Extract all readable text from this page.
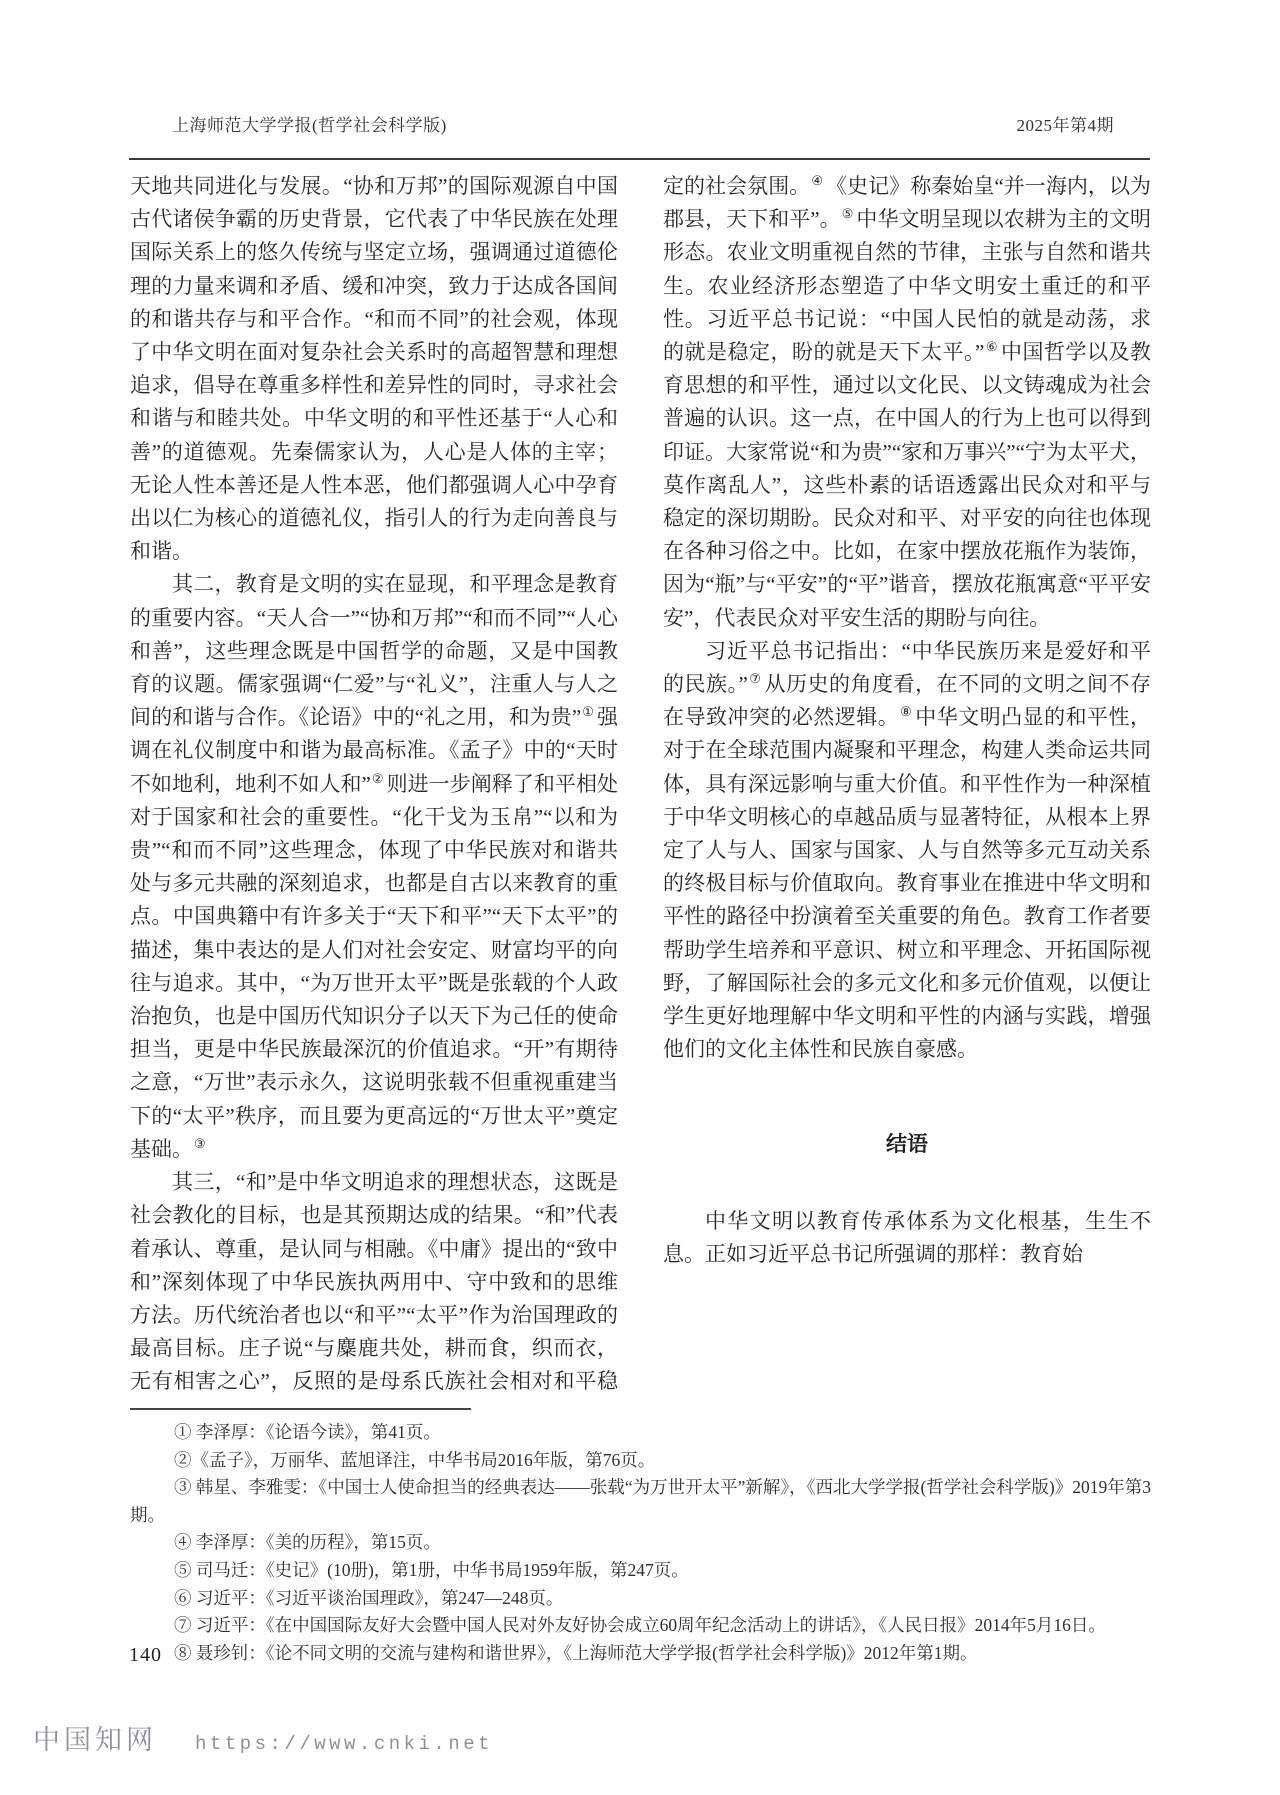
上海师范大学学报(哲学社会科学版)	2025年第4期

天地共同进化与发展。“协和万邦”的国际观源自中国古代诸侯争霸的历史背景，它代表了中华民族在处理国际关系上的悠久传统与坚定立场，强调通过道德伦理的力量来调和矛盾、缓和冲突，致力于达成各国间的和谐共存与和平合作。“和而不同”的社会观，体现了中华文明在面对复杂社会关系时的高超智慧和理想追求，倡导在尊重多样性和差异性的同时，寻求社会和谐与和睦共处。中华文明的和平性还基于“人心和善”的道德观。先秦儒家认为，人心是人体的主宰；无论人性本善还是人性本恶，他们都强调人心中孕育出以仁为核心的道德礼仪，指引人的行为走向善良与和谐。

其二，教育是文明的实在显现，和平理念是教育的重要内容。“天人合一”“协和万邦”“和而不同”“人心和善”，这些理念既是中国哲学的命题，又是中国教育的议题。儒家强调“仁爱”与“礼义”，注重人与人之间的和谐与合作。《论语》中的“礼之用，和为贵”① 强调在礼仪制度中和谐为最高标准。《孟子》中的“天时不如地利，地利不如人和”② 则进一步阐释了和平相处对于国家和社会的重要性。“化干戈为玉帛”“以和为贵”“和而不同”这些理念，体现了中华民族对和谐共处与多元共融的深刻追求，也都是自古以来教育的重点。中国典籍中有许多关于“天下和平”“天下太平”的描述，集中表达的是人们对社会安定、财富均平的向往与追求。其中，“为万世开太平”既是张载的个人政治抱负，也是中国历代知识分子以天下为己任的使命担当，更是中华民族最深沉的价值追求。“开”有期待之意，“万世”表示永久，这说明张载不但重视重建当下的“太平”秩序，而且要为更高远的“万世太平”奠定基础。③

其三，“和”是中华文明追求的理想状态，这既是社会教化的目标，也是其预期达成的结果。“和”代表着承认、尊重，是认同与相融。《中庸》提出的“致中和”深刻体现了中华民族执两用中、守中致和的思维方法。历代统治者也以“和平”“太平”作为治国理政的最高目标。庄子说“与麋鹿共处，耕而食，织而衣，无有相害之心”，反照的是母系氏族社会相对和平稳定的社会氛围。④ 《史记》称秦始皇“并一海内，以为郡县，天下和平”。⑤ 中华文明呈现以农耕为主的文明形态。农业文明重视自然的节律，主张与自然和谐共生。农业经济形态塑造了中华文明安土重迁的和平性。习近平总书记说：“中国人民怕的就是动荡，求的就是稳定，盼的就是天下太平。”⑥ 中国哲学以及教育思想的和平性，通过以文化民、以文铸魂成为社会普遍的认识。这一点，在中国人的行为上也可以得到印证。大家常说“和为贵”“家和万事兴”“宁为太平犬，莫作离乱人”，这些朴素的话语透露出民众对和平与稳定的深切期盼。民众对和平、对平安的向往也体现在各种习俗之中。比如，在家中摆放花瓶作为装饰，因为“瓶”与“平安”的“平”谐音，摆放花瓶寓意“平平安安”，代表民众对平安生活的期盼与向往。

习近平总书记指出：“中华民族历来是爱好和平的民族。”⑦ 从历史的角度看，在不同的文明之间不存在导致冲突的必然逻辑。⑧ 中华文明凸显的和平性，对于在全球范围内凝聚和平理念，构建人类命运共同体，具有深远影响与重大价值。和平性作为一种深植于中华文明核心的卓越品质与显著特征，从根本上界定了人与人、国家与国家、人与自然等多元互动关系的终极目标与价值取向。教育事业在推进中华文明和平性的路径中扮演着至关重要的角色。教育工作者要帮助学生培养和平意识、树立和平理念、开拓国际视野，了解国际社会的多元文化和多元价值观，以便让学生更好地理解中华文明和平性的内涵与实践，增强他们的文化主体性和民族自豪感。

结语

中华文明以教育传承体系为文化根基，生生不息。正如习近平总书记所强调的那样：教育始

① 李泽厚：《论语今读》，第41页。
②《孟子》，万丽华、蓝旭译注，中华书局2016年版，第76页。
③ 韩星、李雅雯：《中国士人使命担当的经典表达——张载“为万世开太平”新解》，《西北大学学报(哲学社会科学版)》2019年第3期。
④ 李泽厚：《美的历程》，第15页。
⑤ 司马迁：《史记》(10册)，第1册，中华书局1959年版，第247页。
⑥ 习近平：《习近平谈治国理政》，第247—248页。
⑦ 习近平：《在中国国际友好大会暨中国人民对外友好协会成立60周年纪念活动上的讲话》，《人民日报》2014年5月16日。
⑧ 聂珍钊：《论不同文明的交流与建构和谐世界》，《上海师范大学学报(哲学社会科学版)》2012年第1期。
140
中国知网 https://www.cnki.net
